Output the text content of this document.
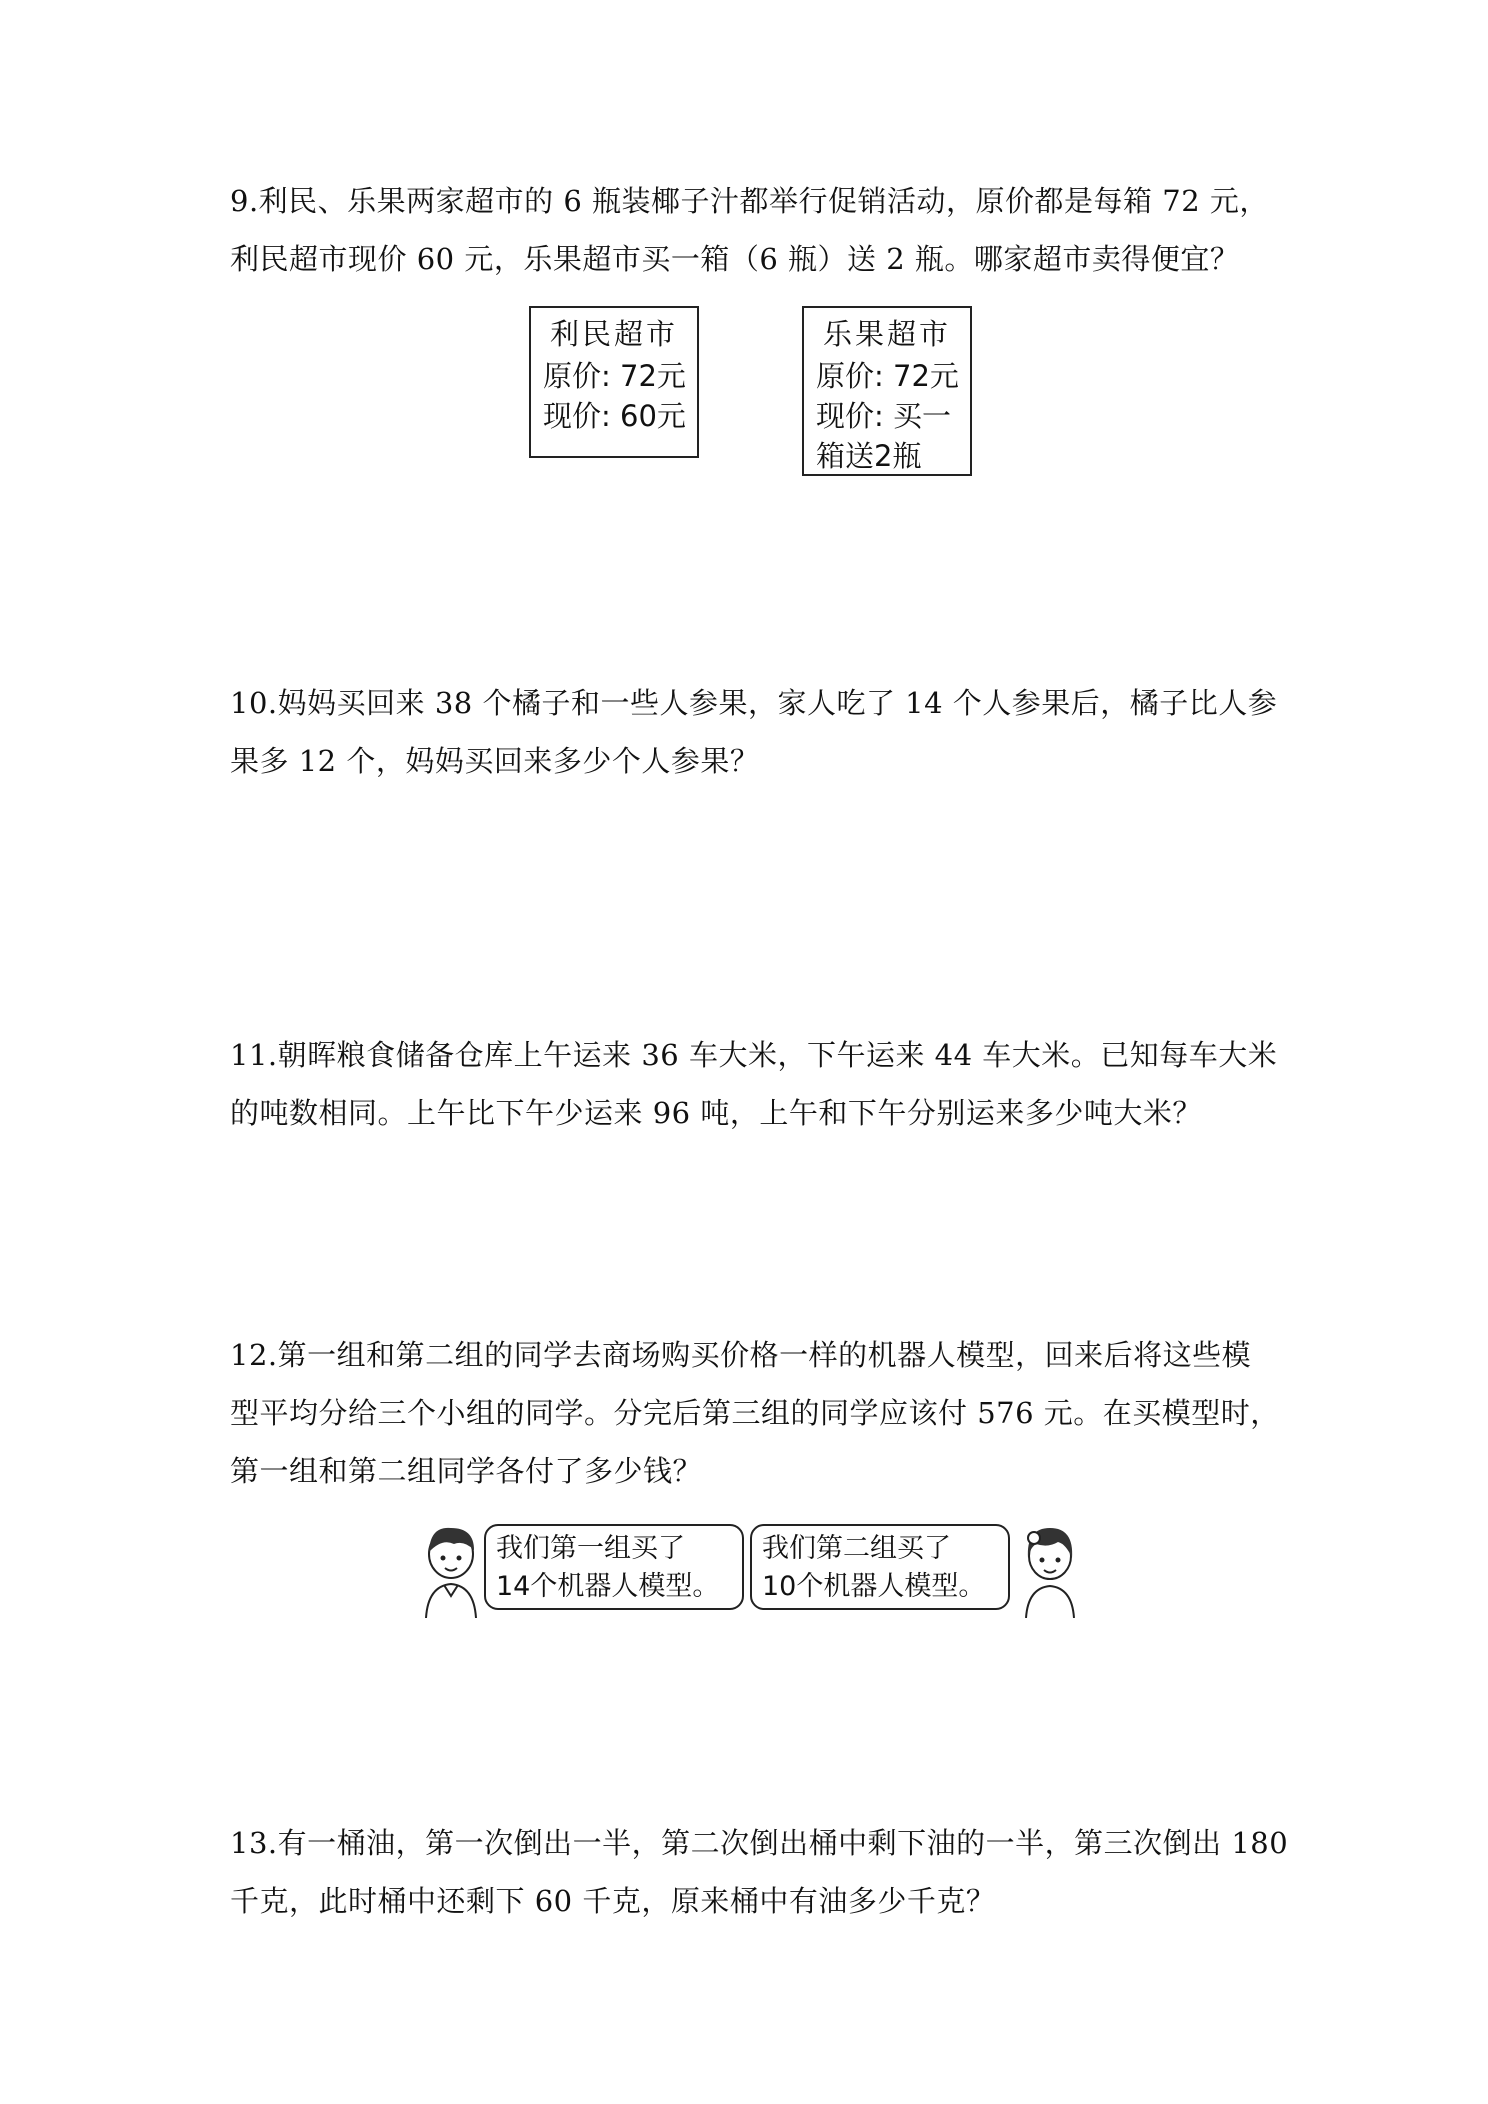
9.利民、乐果两家超市的 6 瓶装椰子汁都举行促销活动，原价都是每箱 72 元，

利民超市现价 60 元，乐果超市买一箱（6 瓶）送 2 瓶。哪家超市卖得便宜？

利民超市
原价: 72元
现价: 60元
乐果超市
原价: 72元
现价: 买一
箱送2瓶

10.妈妈买回来 38 个橘子和一些人参果，家人吃了 14 个人参果后，橘子比人参

果多 12 个，妈妈买回来多少个人参果？

11.朝晖粮食储备仓库上午运来 36 车大米，下午运来 44 车大米。已知每车大米

的吨数相同。上午比下午少运来 96 吨，上午和下午分别运来多少吨大米？

12.第一组和第二组的同学去商场购买价格一样的机器人模型，回来后将这些模

型平均分给三个小组的同学。分完后第三组的同学应该付 576 元。在买模型时，

第一组和第二组同学各付了多少钱？

我们第一组买了
14个机器人模型。
我们第二组买了
10个机器人模型。

13.有一桶油，第一次倒出一半，第二次倒出桶中剩下油的一半，第三次倒出 180

千克，此时桶中还剩下 60 千克，原来桶中有油多少千克？
